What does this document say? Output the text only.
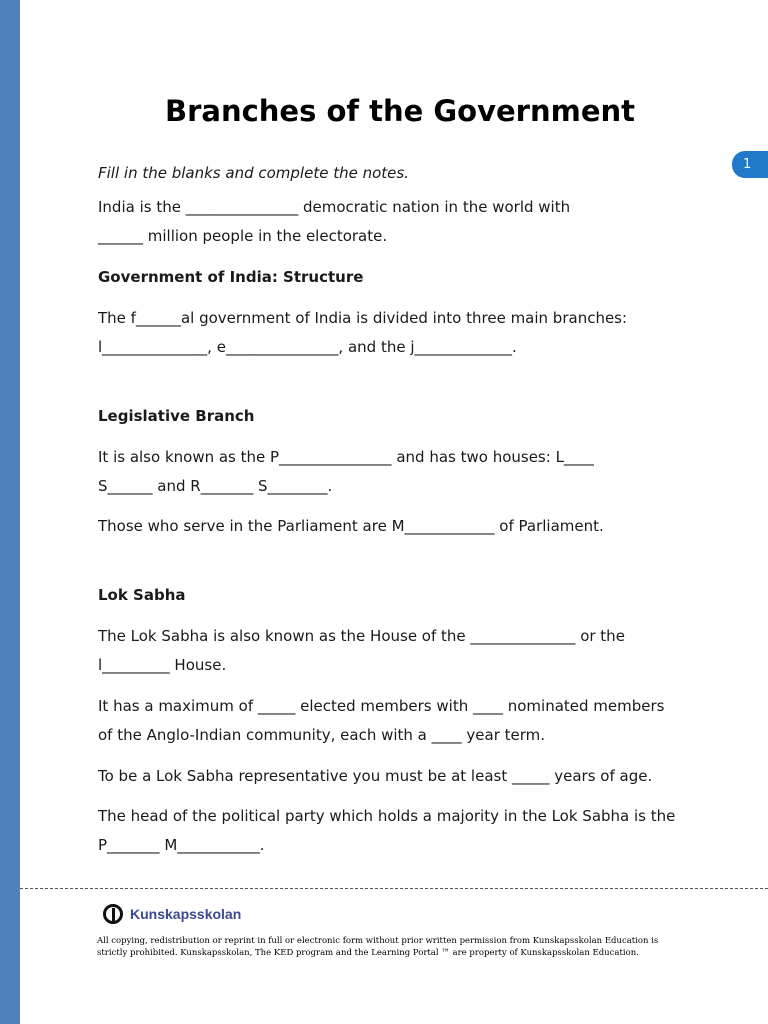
1
Branches of the Government

Fill in the blanks and complete the notes.

India is the _______________ democratic nation in the world with

______ million people in the electorate.

Government of India: Structure

The f______al government of India is divided into three main branches:

l______________, e_______________, and the j_____________.

Legislative Branch

It is also known as the P_______________ and has two houses: L____

S______ and R_______ S________.

Those who serve in the Parliament are M____________ of Parliament.

Lok Sabha

The Lok Sabha is also known as the House of the ______________ or the

l_________ House.

It has a maximum of _____ elected members with ____ nominated members

of the Anglo-Indian community, each with a ____ year term.

To be a Lok Sabha representative you must be at least _____ years of age.

The head of the political party which holds a majority in the Lok Sabha is the

P_______ M___________.

Kunskapsskolan
All copying, redistribution or reprint in full or electronic form without prior written permission from Kunskapsskolan Education is strictly prohibited. Kunskapsskolan, The KED program and the Learning Portal ™ are property of Kunskapsskolan Education.
